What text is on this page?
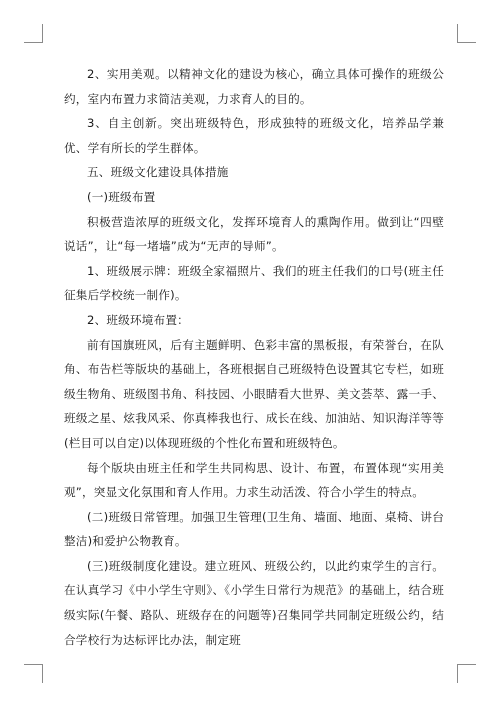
2、实用美观。以精神文化的建设为核心，确立具体可操作的班级公约，室内布置力求简洁美观，力求育人的目的。

3、自主创新。突出班级特色，形成独特的班级文化，培养品学兼优、学有所长的学生群体。

五、班级文化建设具体措施

(一)班级布置

积极营造浓厚的班级文化，发挥环境育人的熏陶作用。做到让“四壁说话”，让“每一堵墙”成为“无声的导师”。

1、班级展示牌：班级全家福照片、我们的班主任我们的口号(班主任征集后学校统一制作)。

2、班级环境布置：

前有国旗班风，后有主题鲜明、色彩丰富的黑板报，有荣誉台，在队角、布告栏等版块的基础上，各班根据自己班级特色设置其它专栏，如班级生物角、班级图书角、科技园、小眼睛看大世界、美文荟萃、露一手、班级之星、炫我风采、你真棒我也行、成长在线、加油站、知识海洋等等(栏目可以自定)以体现班级的个性化布置和班级特色。

每个版块由班主任和学生共同构思、设计、布置，布置体现“实用美观”，突显文化氛围和育人作用。力求生动活泼、符合小学生的特点。

(二)班级日常管理。加强卫生管理(卫生角、墙面、地面、桌椅、讲台整洁)和爱护公物教育。

(三)班级制度化建设。建立班风、班级公约，以此约束学生的言行。在认真学习《中小学生守则》、《小学生日常行为规范》的基础上，结合班级实际(午餐、路队、班级存在的问题等)召集同学共同制定班级公约，结合学校行为达标评比办法，制定班
